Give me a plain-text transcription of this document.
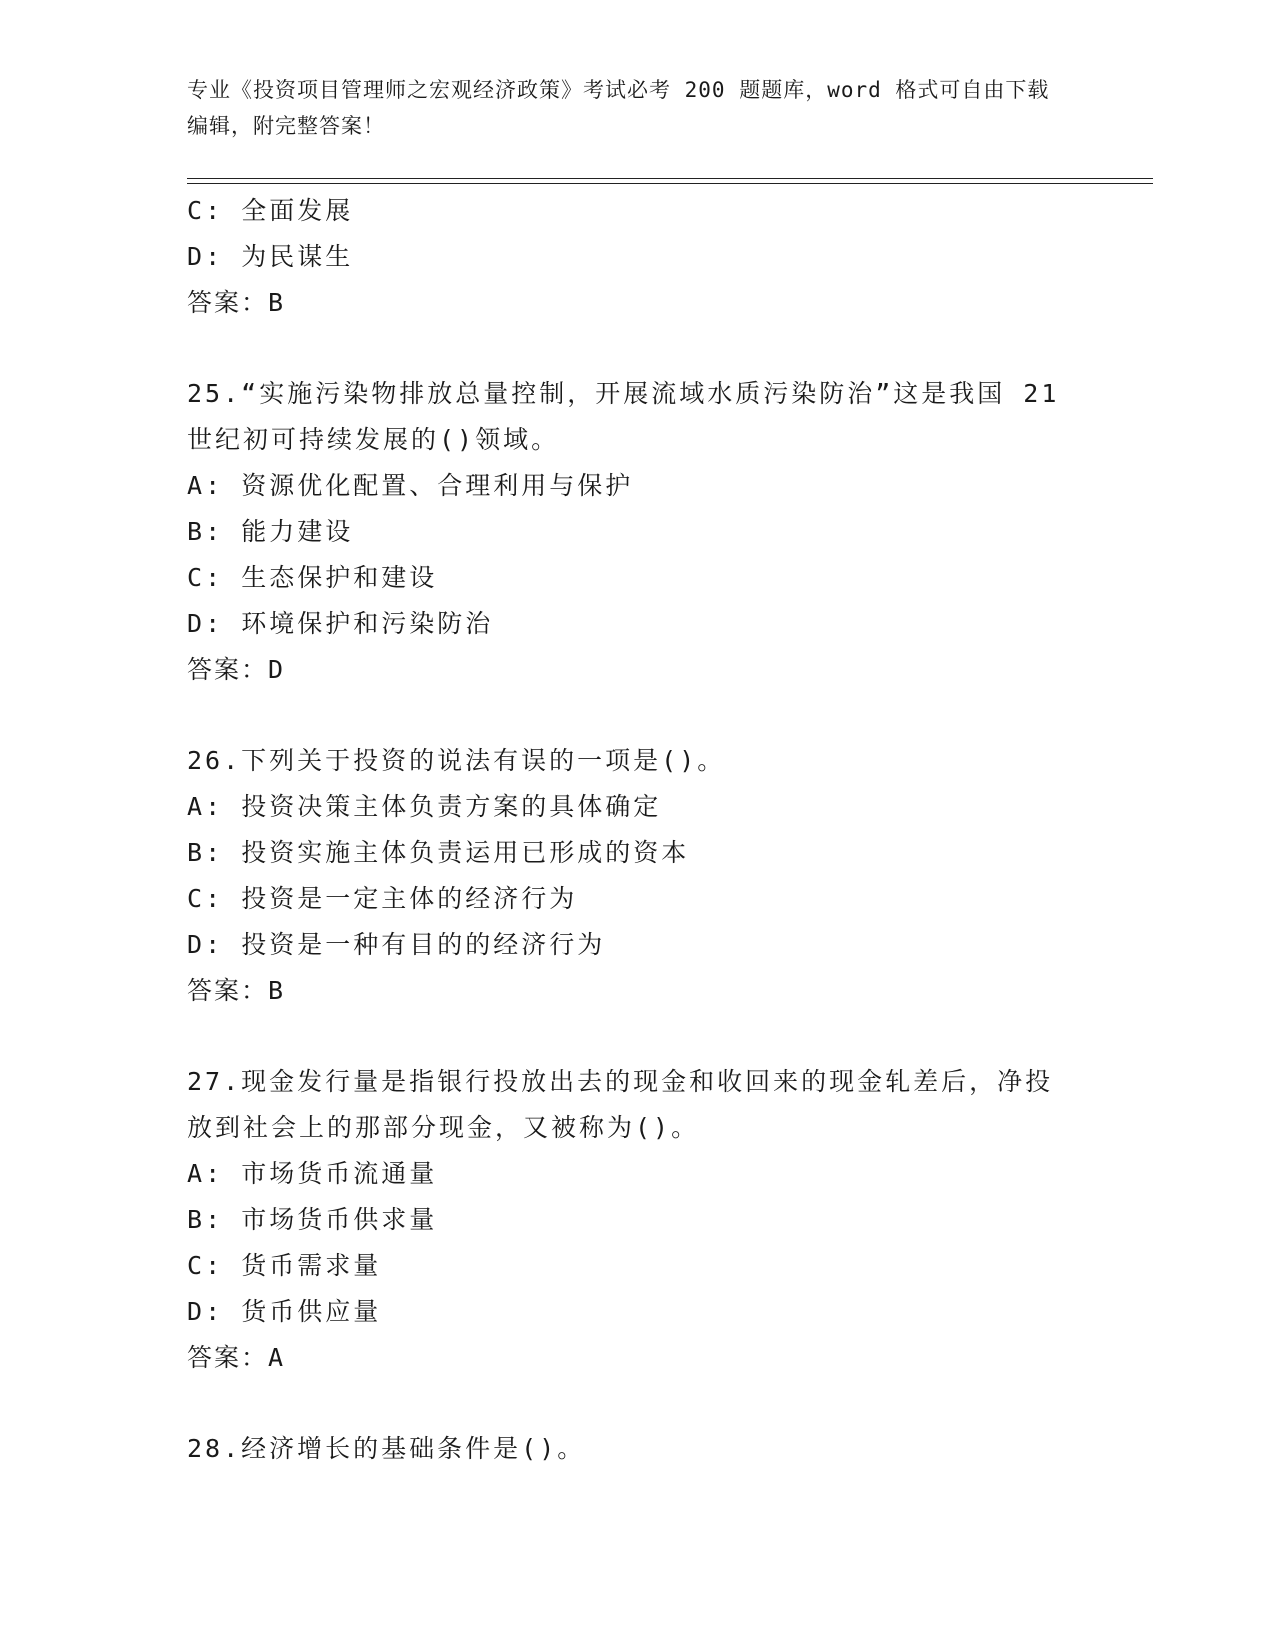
专业《投资项目管理师之宏观经济政策》考试必考 200 题题库，word 格式可自由下载编辑，附完整答案！
C: 全面发展
D: 为民谋生
答案：B
25.“实施污染物排放总量控制，开展流域水质污染防治”这是我国 21 世纪初可持续发展的()领域。
A: 资源优化配置、合理利用与保护
B: 能力建设
C: 生态保护和建设
D: 环境保护和污染防治
答案：D
26.下列关于投资的说法有误的一项是()。
A: 投资决策主体负责方案的具体确定
B: 投资实施主体负责运用已形成的资本
C: 投资是一定主体的经济行为
D: 投资是一种有目的的经济行为
答案：B
27.现金发行量是指银行投放出去的现金和收回来的现金轧差后，净投放到社会上的那部分现金，又被称为()。
A: 市场货币流通量
B: 市场货币供求量
C: 货币需求量
D: 货币供应量
答案：A
28.经济增长的基础条件是()。
